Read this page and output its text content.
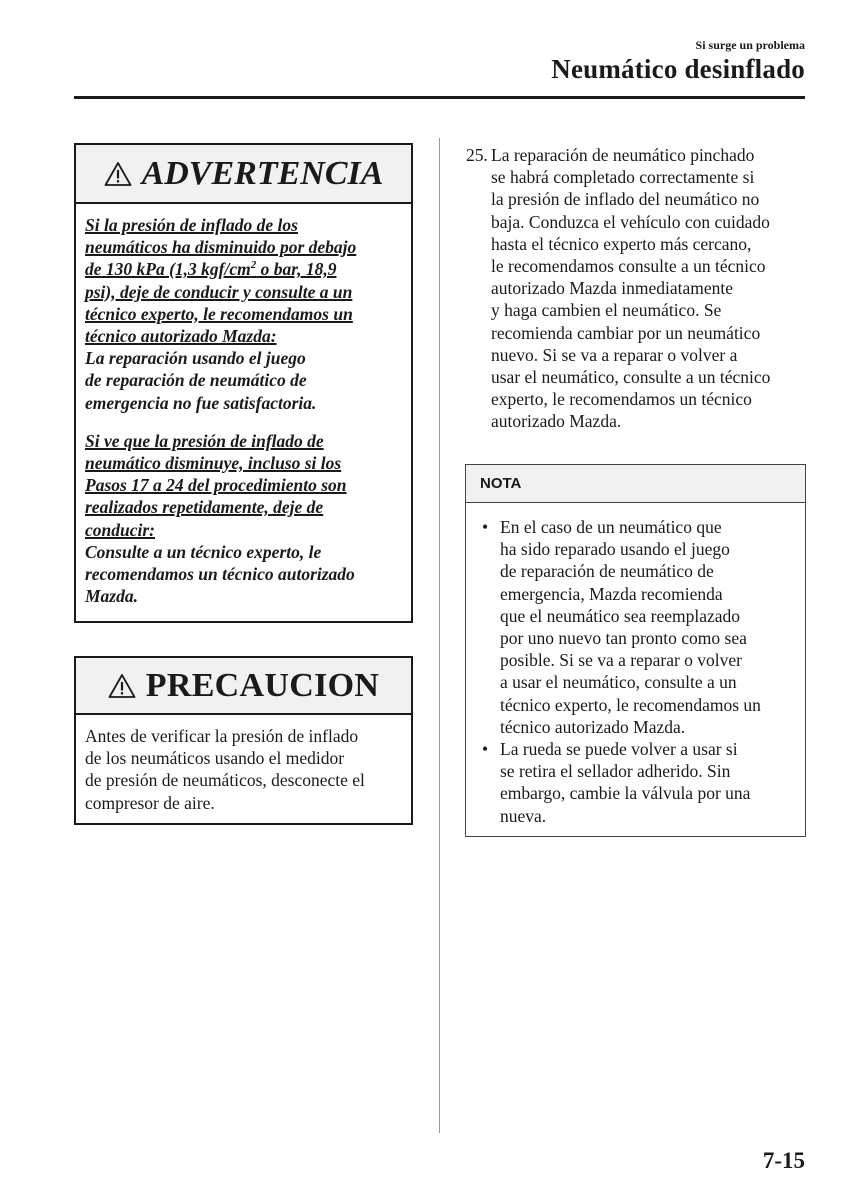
Si surge un problema
Neumático desinflado
ADVERTENCIA

Si la presión de inflado de los
neumáticos ha disminuido por debajo
de 130 kPa (1,3 kgf/$cm^2$ o bar, 18,9
psi), deje de conducir y consulte a un
técnico experto, le recomendamos un
técnico autorizado Mazda:

La reparación usando el juego
de reparación de neumático de
emergencia no fue satisfactoria.

Si ve que la presión de inflado de
neumático disminuye, incluso si los
Pasos 17 a 24 del procedimiento son
realizados repetidamente, deje de
conducir:

Consulte a un técnico experto, le
recomendamos un técnico autorizado
Mazda.

PRECAUCION
Antes de verificar la presión de inflado
de los neumáticos usando el medidor
de presión de neumáticos, desconecte el
compresor de aire.
25. La reparación de neumático pinchado
se habrá completado correctamente si
la presión de inflado del neumático no
baja. Conduzca el vehículo con cuidado
hasta el técnico experto más cercano,
le recomendamos consulte a un técnico
autorizado Mazda inmediatamente
y haga cambien el neumático. Se
recomienda cambiar por un neumático
nuevo. Si se va a reparar o volver a
usar el neumático, consulte a un técnico
experto, le recomendamos un técnico
autorizado Mazda.
NOTA
• En el caso de un neumático que
ha sido reparado usando el juego
de reparación de neumático de
emergencia, Mazda recomienda
que el neumático sea reemplazado
por uno nuevo tan pronto como sea
posible. Si se va a reparar o volver
a usar el neumático, consulte a un
técnico experto, le recomendamos un
técnico autorizado Mazda.
• La rueda se puede volver a usar si
se retira el sellador adherido. Sin
embargo, cambie la válvula por una
nueva.
7-15
